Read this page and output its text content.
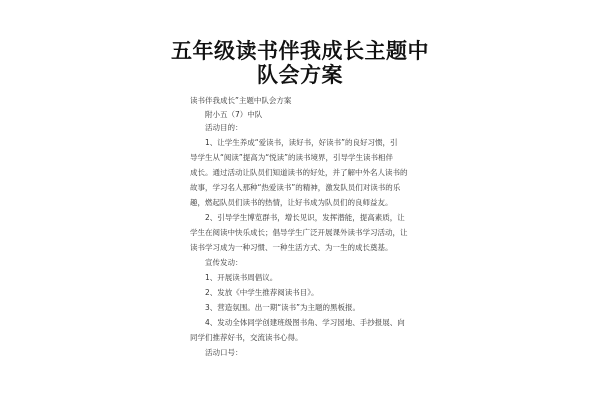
五年级读书伴我成长主题中
队会方案

读书伴我成长”主题中队会方案

附小五（7）中队

活动目的：

1、让学生养成“爱读书，读好书，好读书”的良好习惯，引

导学生从“阅读”提高为“悦读”的读书境界，引导学生读书相伴

成长。通过活动让队员们知道读书的好处，并了解中外名人读书的

故事，学习名人那种“热爱读书”的精神，激发队员们对读书的乐

趣，燃起队员们读书的热情，让好书成为队员们的良师益友。

2、引导学生博览群书，增长见识，发挥潜能，提高素质，让

学生在阅读中快乐成长；倡导学生广泛开展课外读书学习活动，让

读书学习成为一种习惯、一种生活方式、为一生的成长奠基。

宣传发动：

1、开展读书周倡议。

2、发放《中学生推荐阅读书目》。

3、营造氛围。出一期“读书”为主题的黑板报。

4、发动全体同学创建班级图书角、学习园地、手抄报展、向

同学们推荐好书，交流读书心得。

活动口号：
